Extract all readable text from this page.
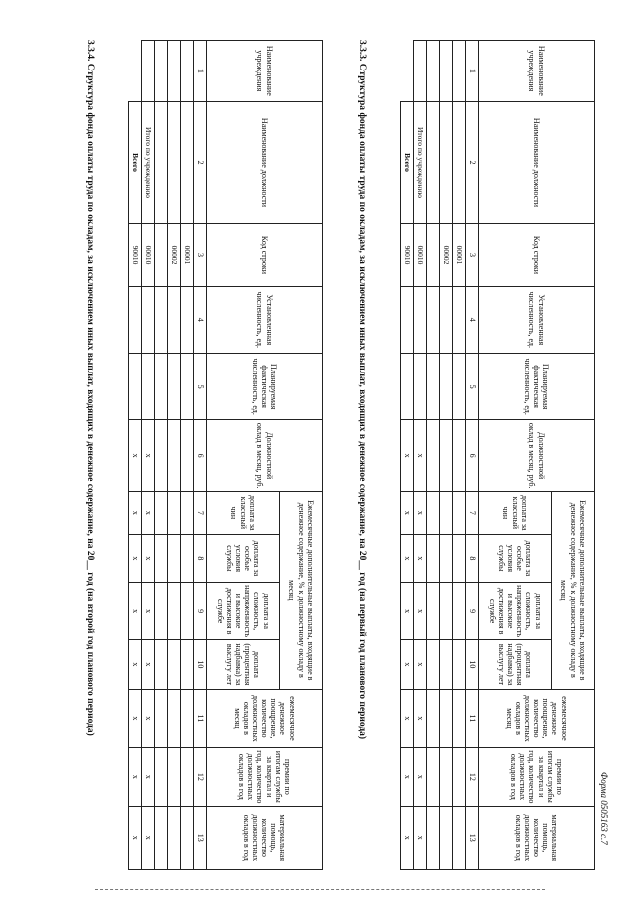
Форма 0505163 с.7
Наименование учреждения	Наименование должности	Код строки	Установленная численность, ед.	Планируемая фактическая численность, ед.	Должностной оклад в месяц, руб.	Ежемесячные дополнительные выплаты, входящие в денежное содержание, % к должностному окладу в месяц				ежемесячное денежное поощрение, количество должностных окладов в месяц	премии по итогам службы за квартал и год, количество должностных окладов в год	материальная помощь, количество должностных окладов в год
						доплата за классный чин	доплата за особые условия службы	доплата за сложность, напряженность и высокие достижения в службе	доплата (процентная надбавка) за выслугу лет			
1	2	3	4	5	6	7	8	9	10	11	12	13
		00001										
		00002										

	Итого по учреждению	00010			х	х	х	х	х	х	х	х
	Всего	90010			х	х	х	х	х	х	х	х
3.3.3. Структура фонда оплаты труда по окладам, за исключением иных выплат, входящих в денежное содержание, на 20__ год (на первый год планового периода)
Наименование учреждения	Наименование должности	Код строки	Установленная численность, ед.	Планируемая фактическая численность, ед.	Должностной оклад в месяц, руб.	Ежемесячные дополнительные выплаты, входящие в денежное содержание, % к должностному окладу в месяц				ежемесячное денежное поощрение, количество должностных окладов в месяц	премии по итогам службы за квартал и год, количество должностных окладов в год	материальная помощь, количество должностных окладов в год
						доплата за классный чин	доплата за особые условия службы	доплата за сложность, напряженность и высокие достижения в службе	доплата (процентная надбавка) за выслугу лет			
1	2	3	4	5	6	7	8	9	10	11	12	13
		00001										
		00002										

	Итого по учреждению	00010			х	х	х	х	х	х	х	х
	Всего	90010			х	х	х	х	х	х	х	х
3.3.4. Структура фонда оплаты труда по окладам, за исключением иных выплат, входящих в денежное содержание, на 20__ год (на второй год планового периода)
